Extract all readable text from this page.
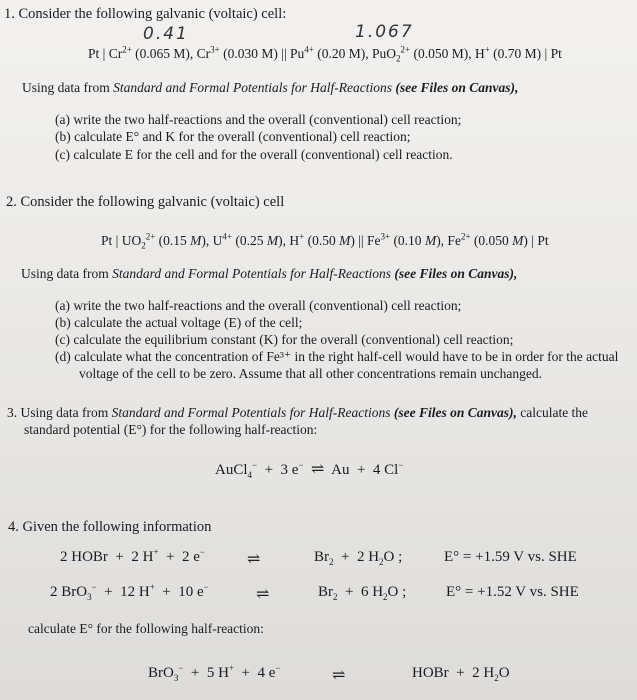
1. Consider the following galvanic (voltaic) cell:
0.41	1.067
Pt | $Cr^{2+}$ (0.065 M), $Cr^{3+}$ (0.030 M) || $Pu^{4+}$ (0.20 M), PuO$_2^{2+}$ (0.050 M), H+ (0.70 M) | Pt
Using data from Standard and Formal Potentials for Half-Reactions (see Files on Canvas),
(a) write the two half-reactions and the overall (conventional) cell reaction;
(b) calculate E° and K for the overall (conventional) cell reaction;
(c) calculate E for the cell and for the overall (conventional) cell reaction.
2. Consider the following galvanic (voltaic) cell
Pt | $UO_2^{2+}$ (0.15 M), $U^{4+}$ (0.25 M), H+ (0.50 M) || $Fe^{3+}$ (0.10 M), $Fe^{2+}$ (0.050 M) | Pt
Using data from Standard and Formal Potentials for Half-Reactions (see Files on Canvas),
(a) write the two half-reactions and the overall (conventional) cell reaction;
(b) calculate the actual voltage (E) of the cell;
(c) calculate the equilibrium constant (K) for the overall (conventional) cell reaction;
(d) calculate what the concentration of Fe³⁺ in the right half-cell would have to be in order for the actual
voltage of the cell to be zero. Assume that all other concentrations remain unchanged.
3. Using data from Standard and Formal Potentials for Half-Reactions (see Files on Canvas), calculate the
standard potential (E°) for the following half-reaction:
AuCl$_4$−  +  3 e− ⇌  Au  +  4 Cl−
4. Given the following information
2 HOBr  +  2 H+  +  2 e−	⇌	$Br_2 + 2$ $H_2O$ ;	E° = +1.59 V vs. SHE
2 BrO$_3$−  +  12 H+  +  10 e−	⇌	$Br_2 + 6$ $H_2O$ ;	E° = +1.52 V vs. SHE
calculate E° for the following half-reaction:
BrO$_3$−  +  5 H+  +  4 e−	⇌	HOBr  +  2 $H_2O$
